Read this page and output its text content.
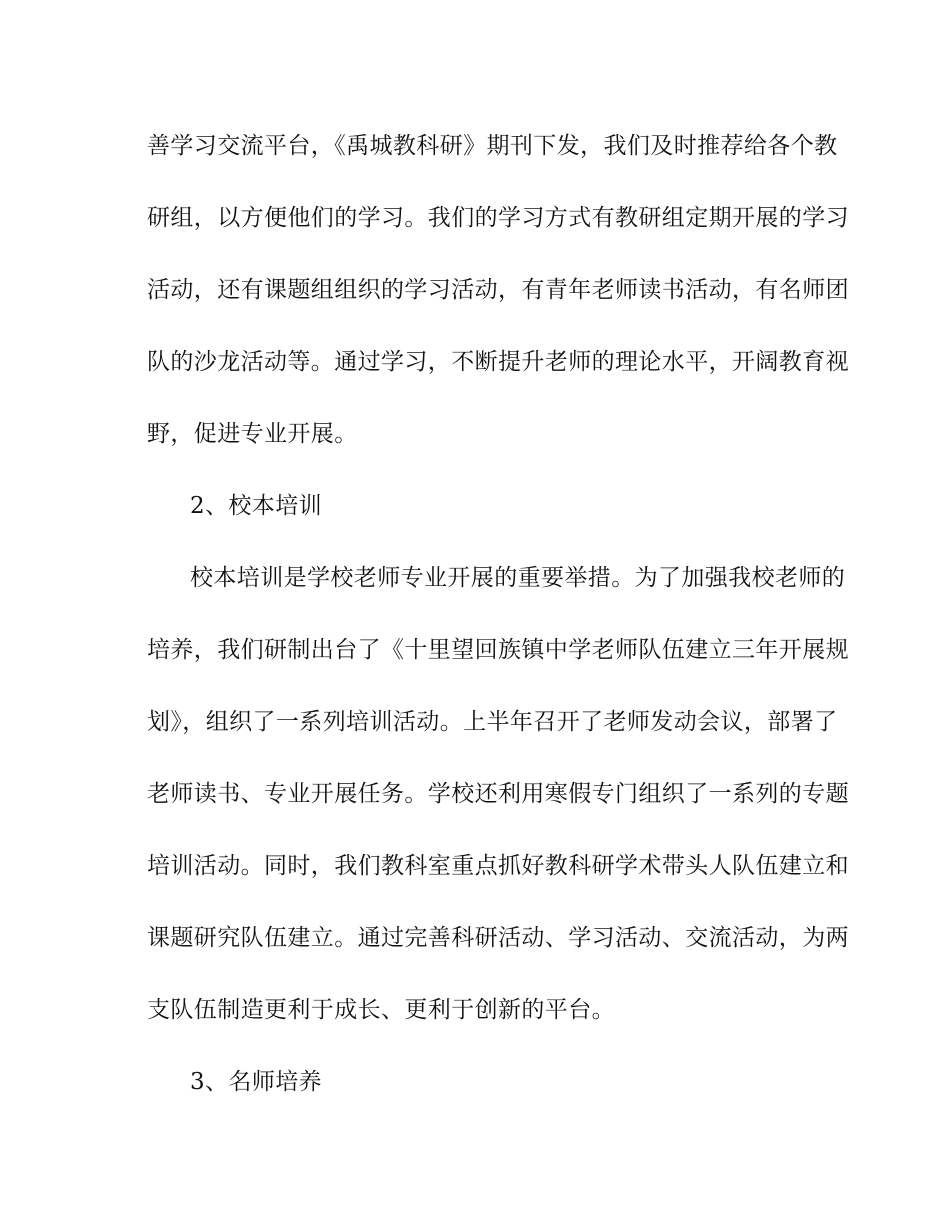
善学习交流平台，《禹城教科研》期刊下发，我们及时推荐给各个教
研组，以方便他们的学习。我们的学习方式有教研组定期开展的学习
活动，还有课题组组织的学习活动，有青年老师读书活动，有名师团
队的沙龙活动等。通过学习，不断提升老师的理论水平，开阔教育视
野，促进专业开展。
2、校本培训
校本培训是学校老师专业开展的重要举措。为了加强我校老师的
培养，我们研制出台了《十里望回族镇中学老师队伍建立三年开展规
划》，组织了一系列培训活动。上半年召开了老师发动会议，部署了
老师读书、专业开展任务。学校还利用寒假专门组织了一系列的专题
培训活动。同时，我们教科室重点抓好教科研学术带头人队伍建立和
课题研究队伍建立。通过完善科研活动、学习活动、交流活动，为两
支队伍制造更利于成长、更利于创新的平台。
3、名师培养
